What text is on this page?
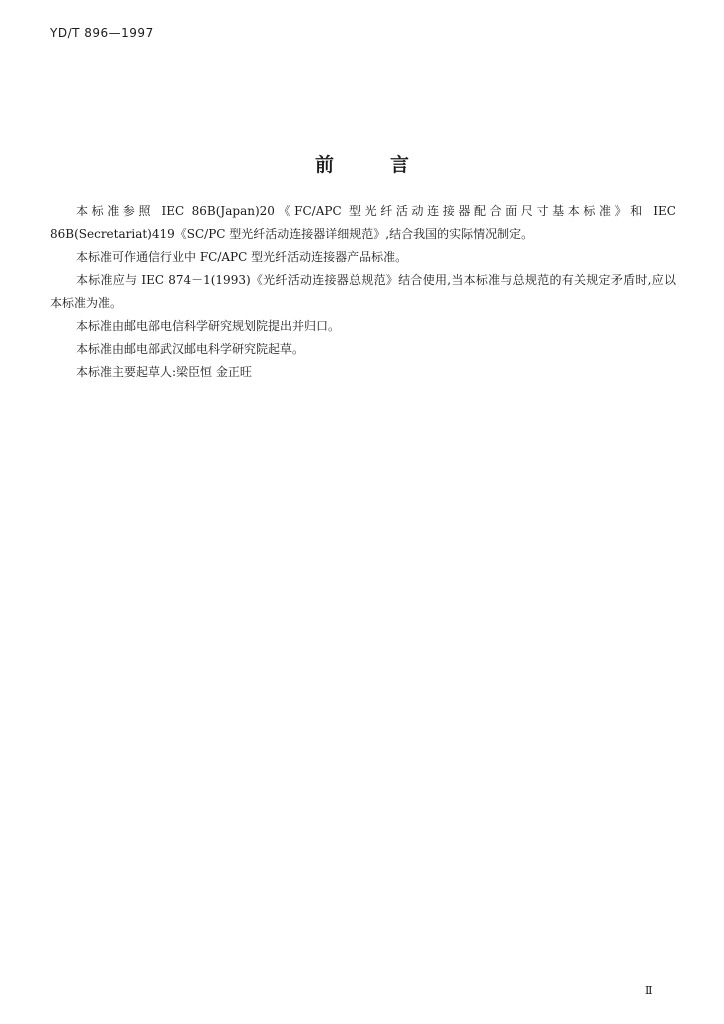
YD/T 896—1997
前言

本标准参照 IEC 86B(Japan)20《FC/APC 型光纤活动连接器配合面尺寸基本标准》和 IEC 86B(Secretariat)419《SC/PC 型光纤活动连接器详细规范》,结合我国的实际情况制定。

本标准可作通信行业中 FC/APC 型光纤活动连接器产品标准。

本标准应与 IEC 874－1(1993)《光纤活动连接器总规范》结合使用,当本标准与总规范的有关规定矛盾时,应以本标准为准。

本标准由邮电部电信科学研究规划院提出并归口。

本标准由邮电部武汉邮电科学研究院起草。

本标准主要起草人:梁臣恒 金正旺

Ⅱ
